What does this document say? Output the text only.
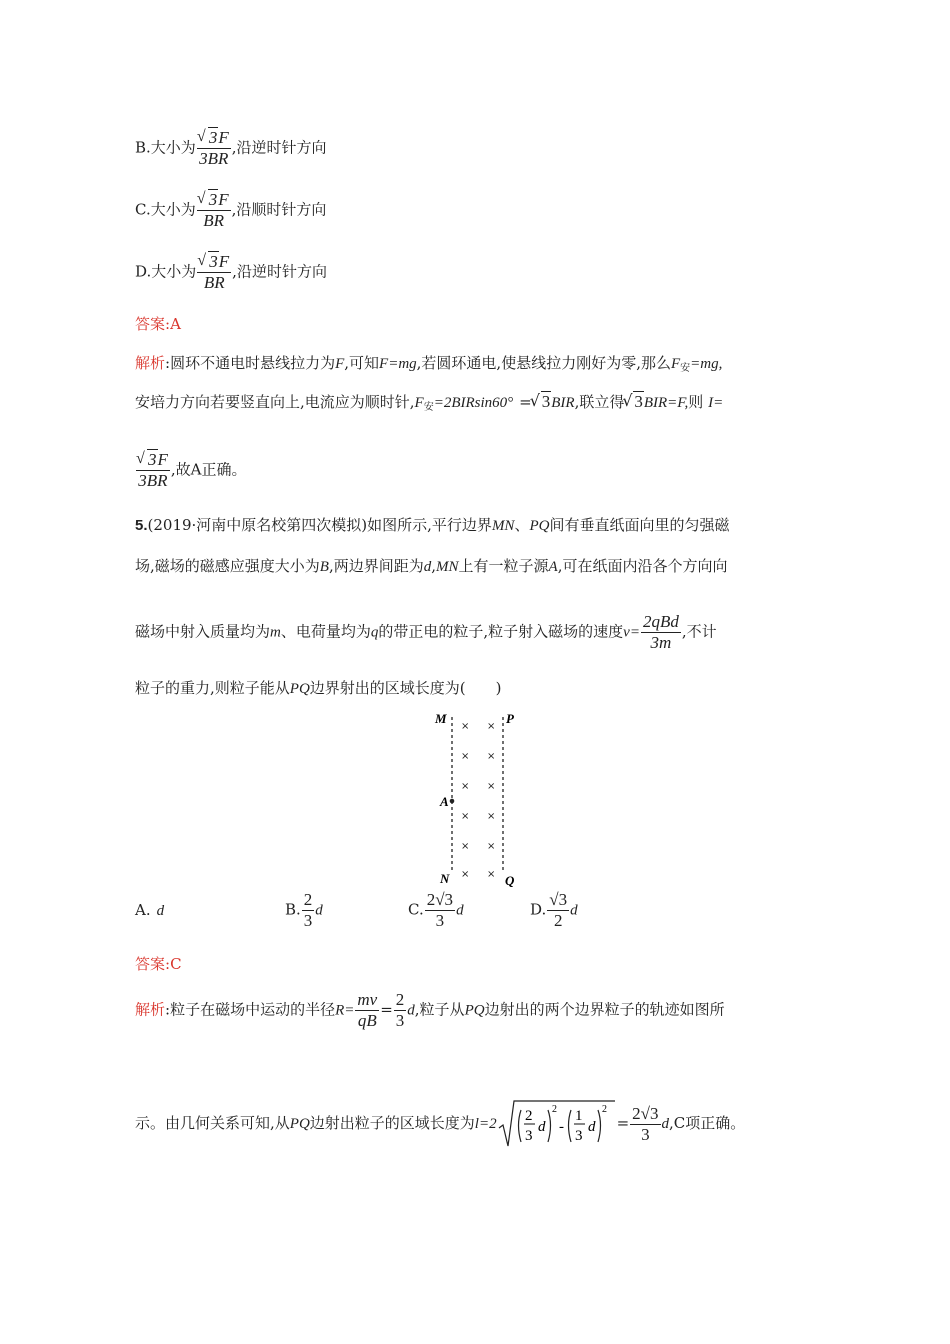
B.大小为 √ $\frac{3F}{3BR}$ ,沿逆时针方向
C.大小为 √ $\frac{3F}{BR}$ ,沿顺时针方向
D.大小为 √ $\frac{3F}{BR}$ ,沿逆时针方向
答案:A
解析:圆环不通电时悬线拉力为F,可知F=mg,若圆环通电,使悬线拉力刚好为零,那么$F_安=mg$,
安培力方向若要竖直向上,电流应为顺时针$,F_安=2BIRsin60^\circ$ = √ 3BIR,联立得 √ 3BIR=F,则 I=
√ $\frac{3F}{3BR}$ ,故A正确。
5.(2019·河南中原名校第四次模拟)如图所示,平行边界MN、PQ间有垂直纸面向里的匀强磁
场,磁场的磁感应强度大小为B,两边界间距为d,MN上有一粒子源A,可在纸面内沿各个方向向
磁场中射入质量均为m、电荷量均为q的带正电的粒子,粒子射入磁场的速度$v= \frac{\text{2qBd}}{3m}$ ,不计
粒子的重力,则粒子能从PQ边界射出的区域长度为(　　)
M	P
A
N	Q
× ×
× ×
× ×
× ×
× ×
× ×
A. d	B. $\frac{2}{3}$ d	C. $\frac{2√3}{3}$ d	D. $\frac{√3}{2}$ d
答案:C
解析:粒子在磁场中运动的半径$R= \frac{mv}{qB} = \frac{2}{3} d$,粒子从PQ边射出的两个边界粒子的轨迹如图所
示。由几何关系可知,从PQ边射出粒子的区域长度为l=2 2
3
d
2
-
1
3
d
2
= $\frac{2√3}{3} d,C$项正确。
